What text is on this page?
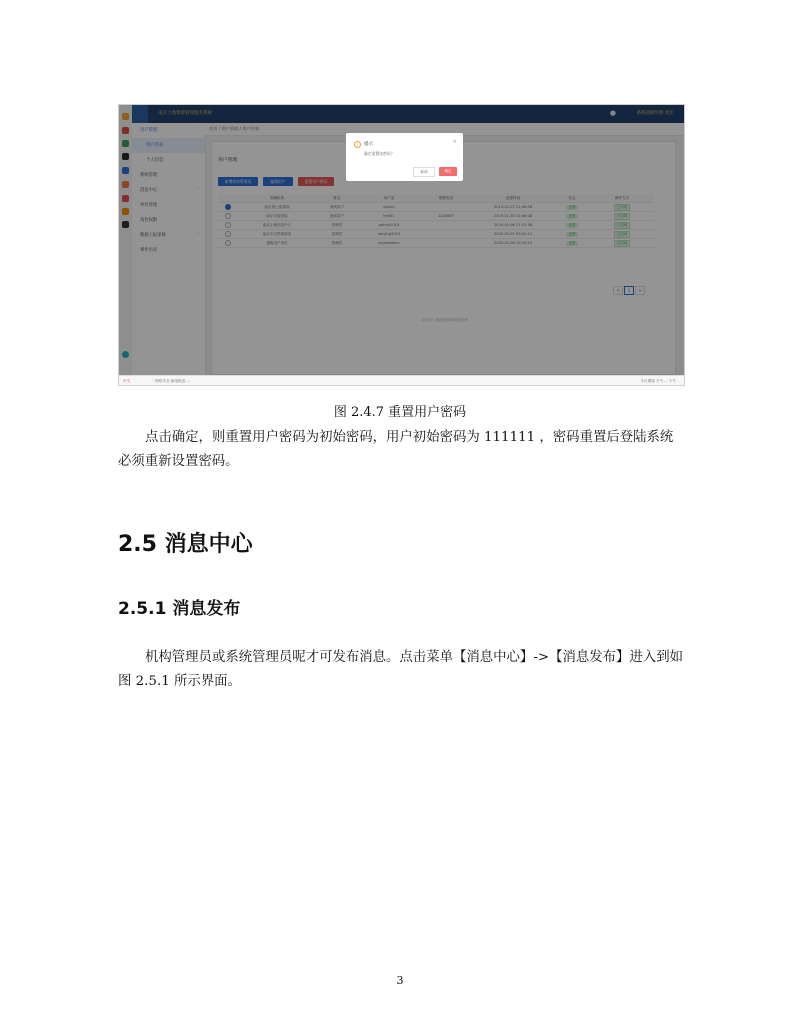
南京土地资源管理服务系统	●	系统超级管理 退出
用户管理	˄
用户列表
个人信息
系统管理	˅
消息中心	˅
单位管理
角色权限
数据上报审核	˅
事件历史	˅
首页 / 用户管理 / 用户列表
用户管理
新增机构管理员	编辑用户	重置用户密码
	所属机构	姓名	用户名	联系电话	创建时间	状态	操作方式
	南京国土资源局	测试用户	admin		2019-12-27 11:08:58	正常	已启用
	南京市规划局	测试用户	test01	1234567	2019-12-30 12:06:08	正常	已启用
	南京土地信息中心	管理员	admin2019		2020-01-06 17:12:36	正常	已启用
	南京市自然资源局	管理员	nanjing2019		2020-01-07 09:41:12	正常	已启用
	超级用户单位	管理员	superadmin		2020-01-08 10:15:23	正常	已启用
< 1 >
南京市土地资源管理服务系统
!	提示	×
确定重置该密码？
取消	确定
中文	· 网络安全 新闻推送 ...	今日要闻 天气 ... 下午
图 2.4.7 重置用户密码

点击确定，则重置用户密码为初始密码，用户初始密码为 111111 ，密码重置后登陆系统必须重新设置密码。

2.5 消息中心
2.5.1 消息发布

机构管理员或系统管理员呢才可发布消息。点击菜单【消息中心】->【消息发布】进入到如图 2.5.1 所示界面。

3
